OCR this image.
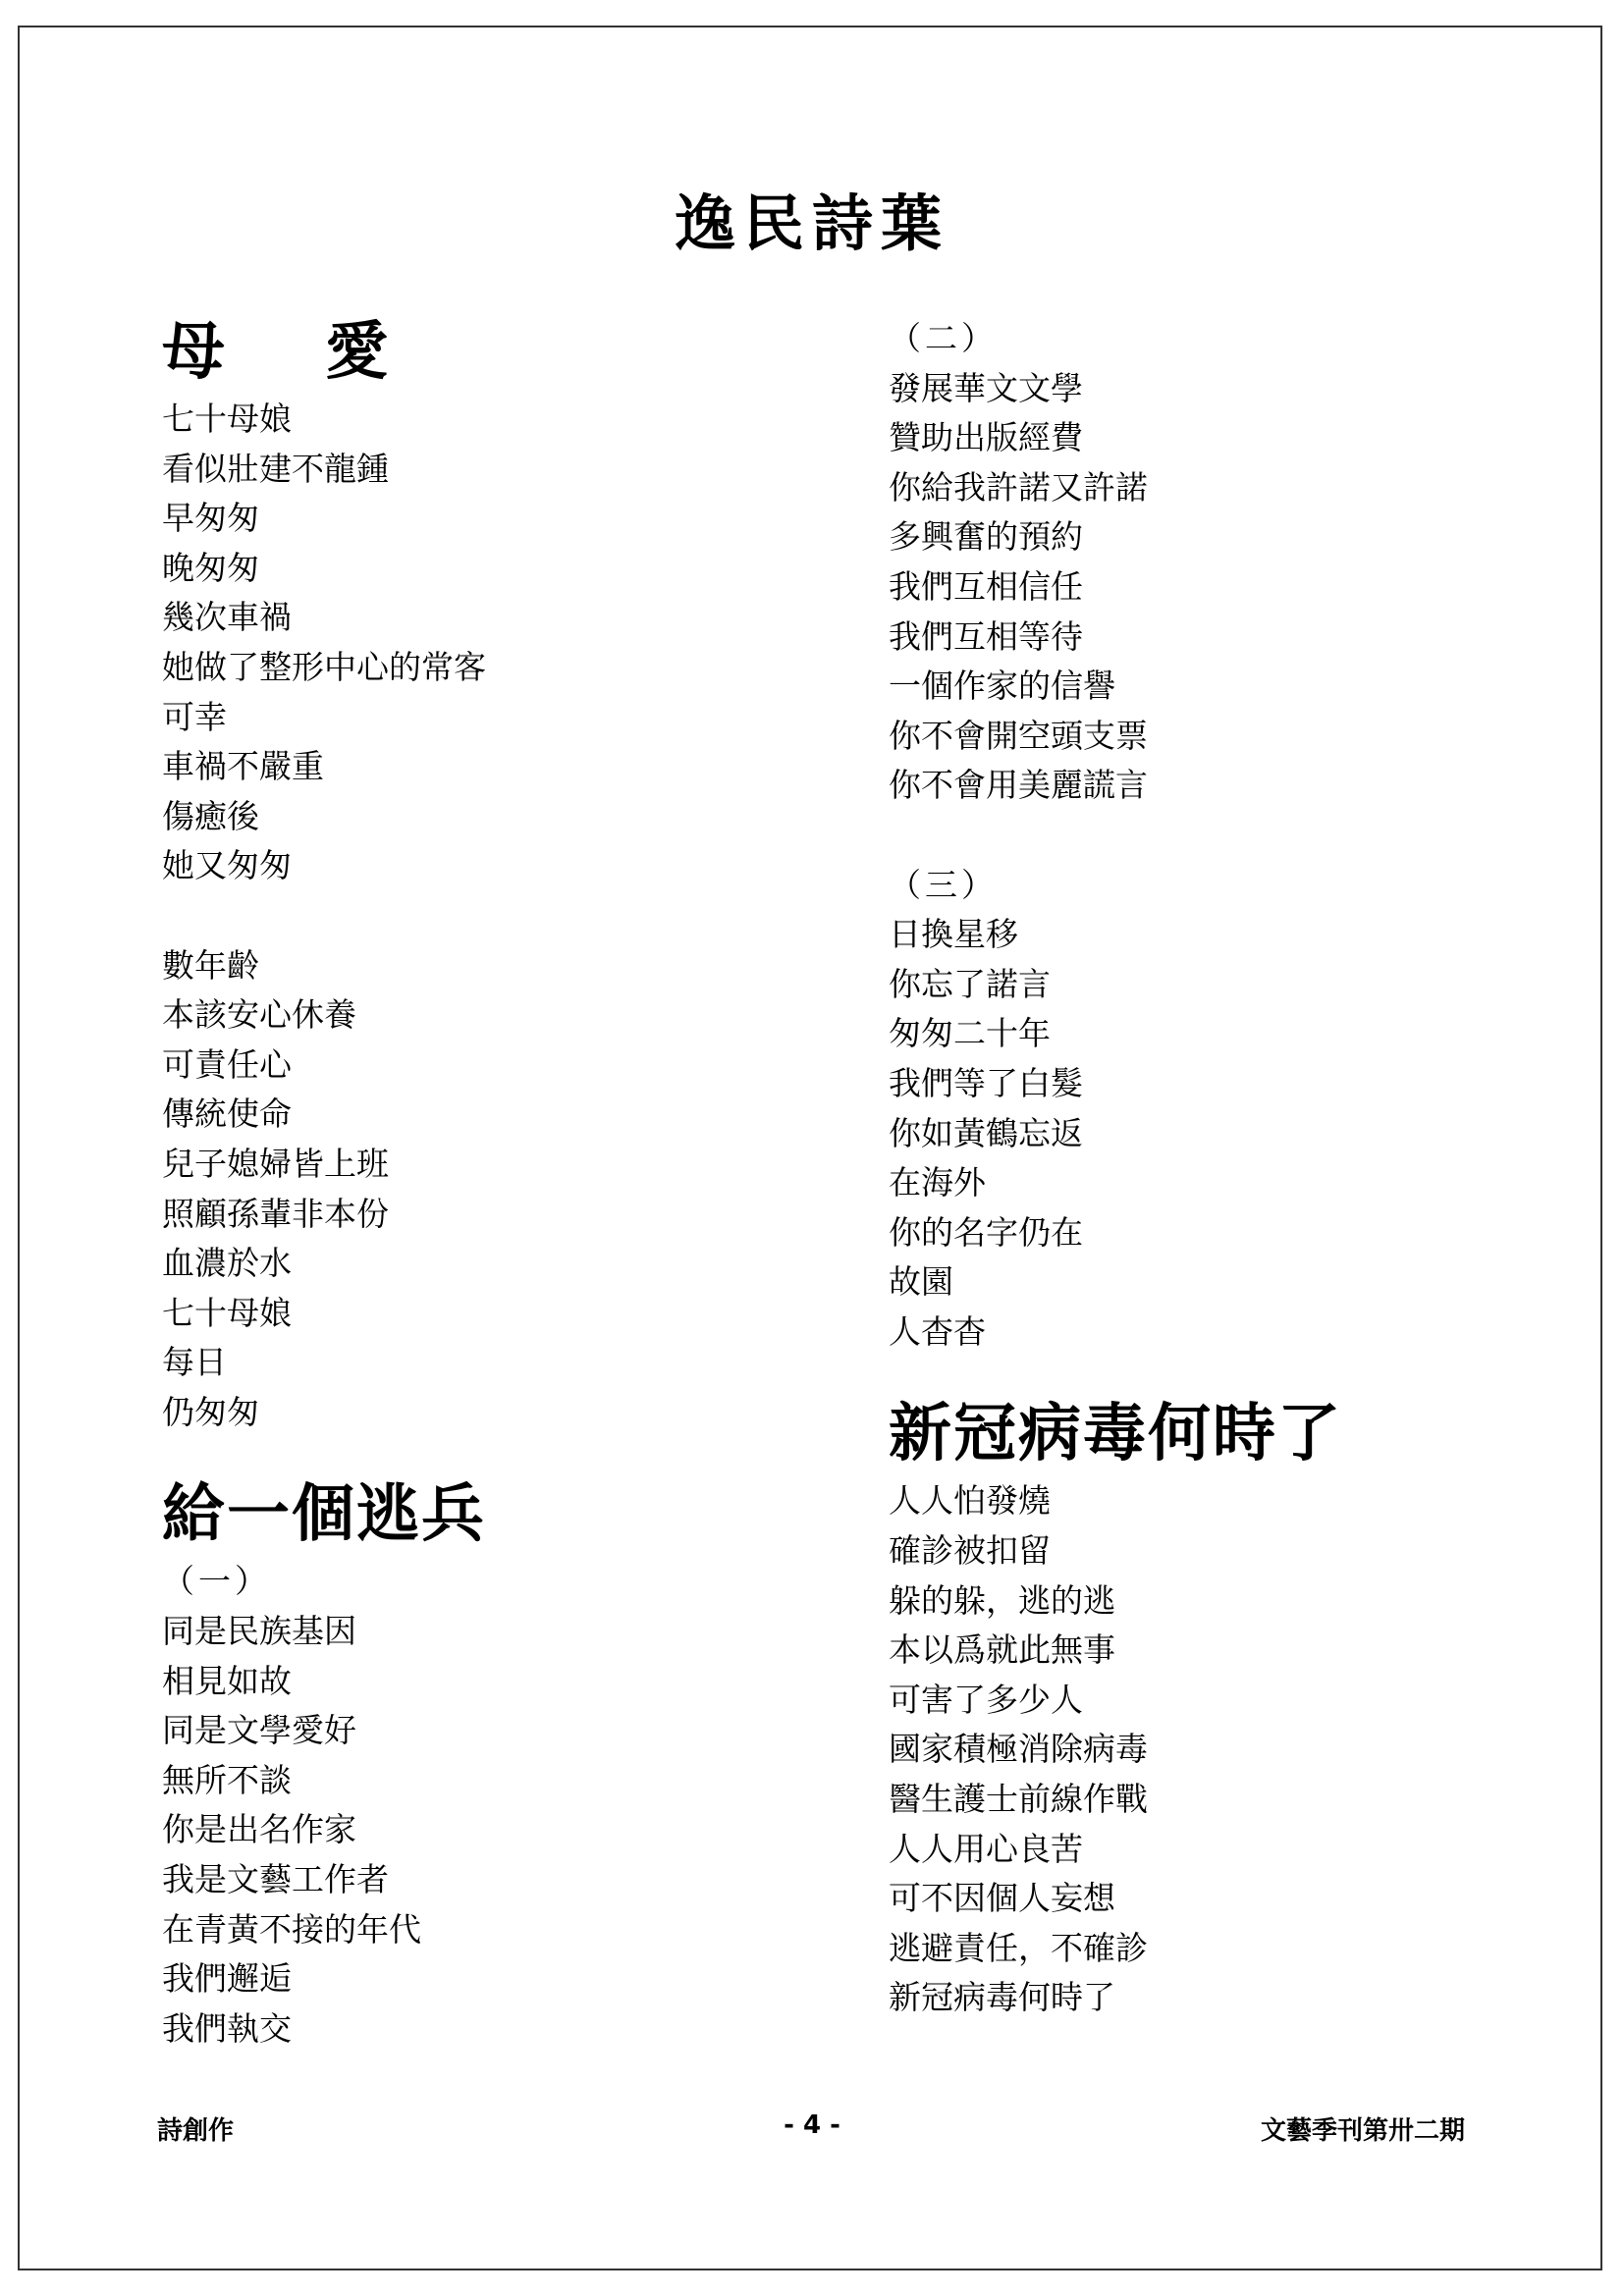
逸民詩葉
母 愛
七十母娘
看似壯建不龍鍾
早匆匆
晚匆匆
幾次車禍
她做了整形中心的常客
可幸
車禍不嚴重
傷癒後
她又匆匆
數年齡
本該安心休養
可責任心
傳統使命
兒子媳婦皆上班
照顧孫輩非本份
血濃於水
七十母娘
每日
仍匆匆
給一個逃兵
（一）
同是民族基因
相見如故
同是文學愛好
無所不談
你是出名作家
我是文藝工作者
在青黃不接的年代
我們邂逅
我們執交
（二）
發展華文文學
贊助出版經費
你給我許諾又許諾
多興奮的預約
我們互相信任
我們互相等待
一個作家的信譽
你不會開空頭支票
你不會用美麗謊言
（三）
日換星移
你忘了諾言
匆匆二十年
我們等了白髮
你如黃鶴忘返
在海外
你的名字仍在
故園
人杳杳
新冠病毒何時了
人人怕發燒
確診被扣留
躲的躲，逃的逃
本以爲就此無事
可害了多少人
國家積極消除病毒
醫生護士前線作戰
人人用心良苦
可不因個人妄想
逃避責任，不確診
新冠病毒何時了
詩創作	- 4 -	文藝季刊第卅二期
